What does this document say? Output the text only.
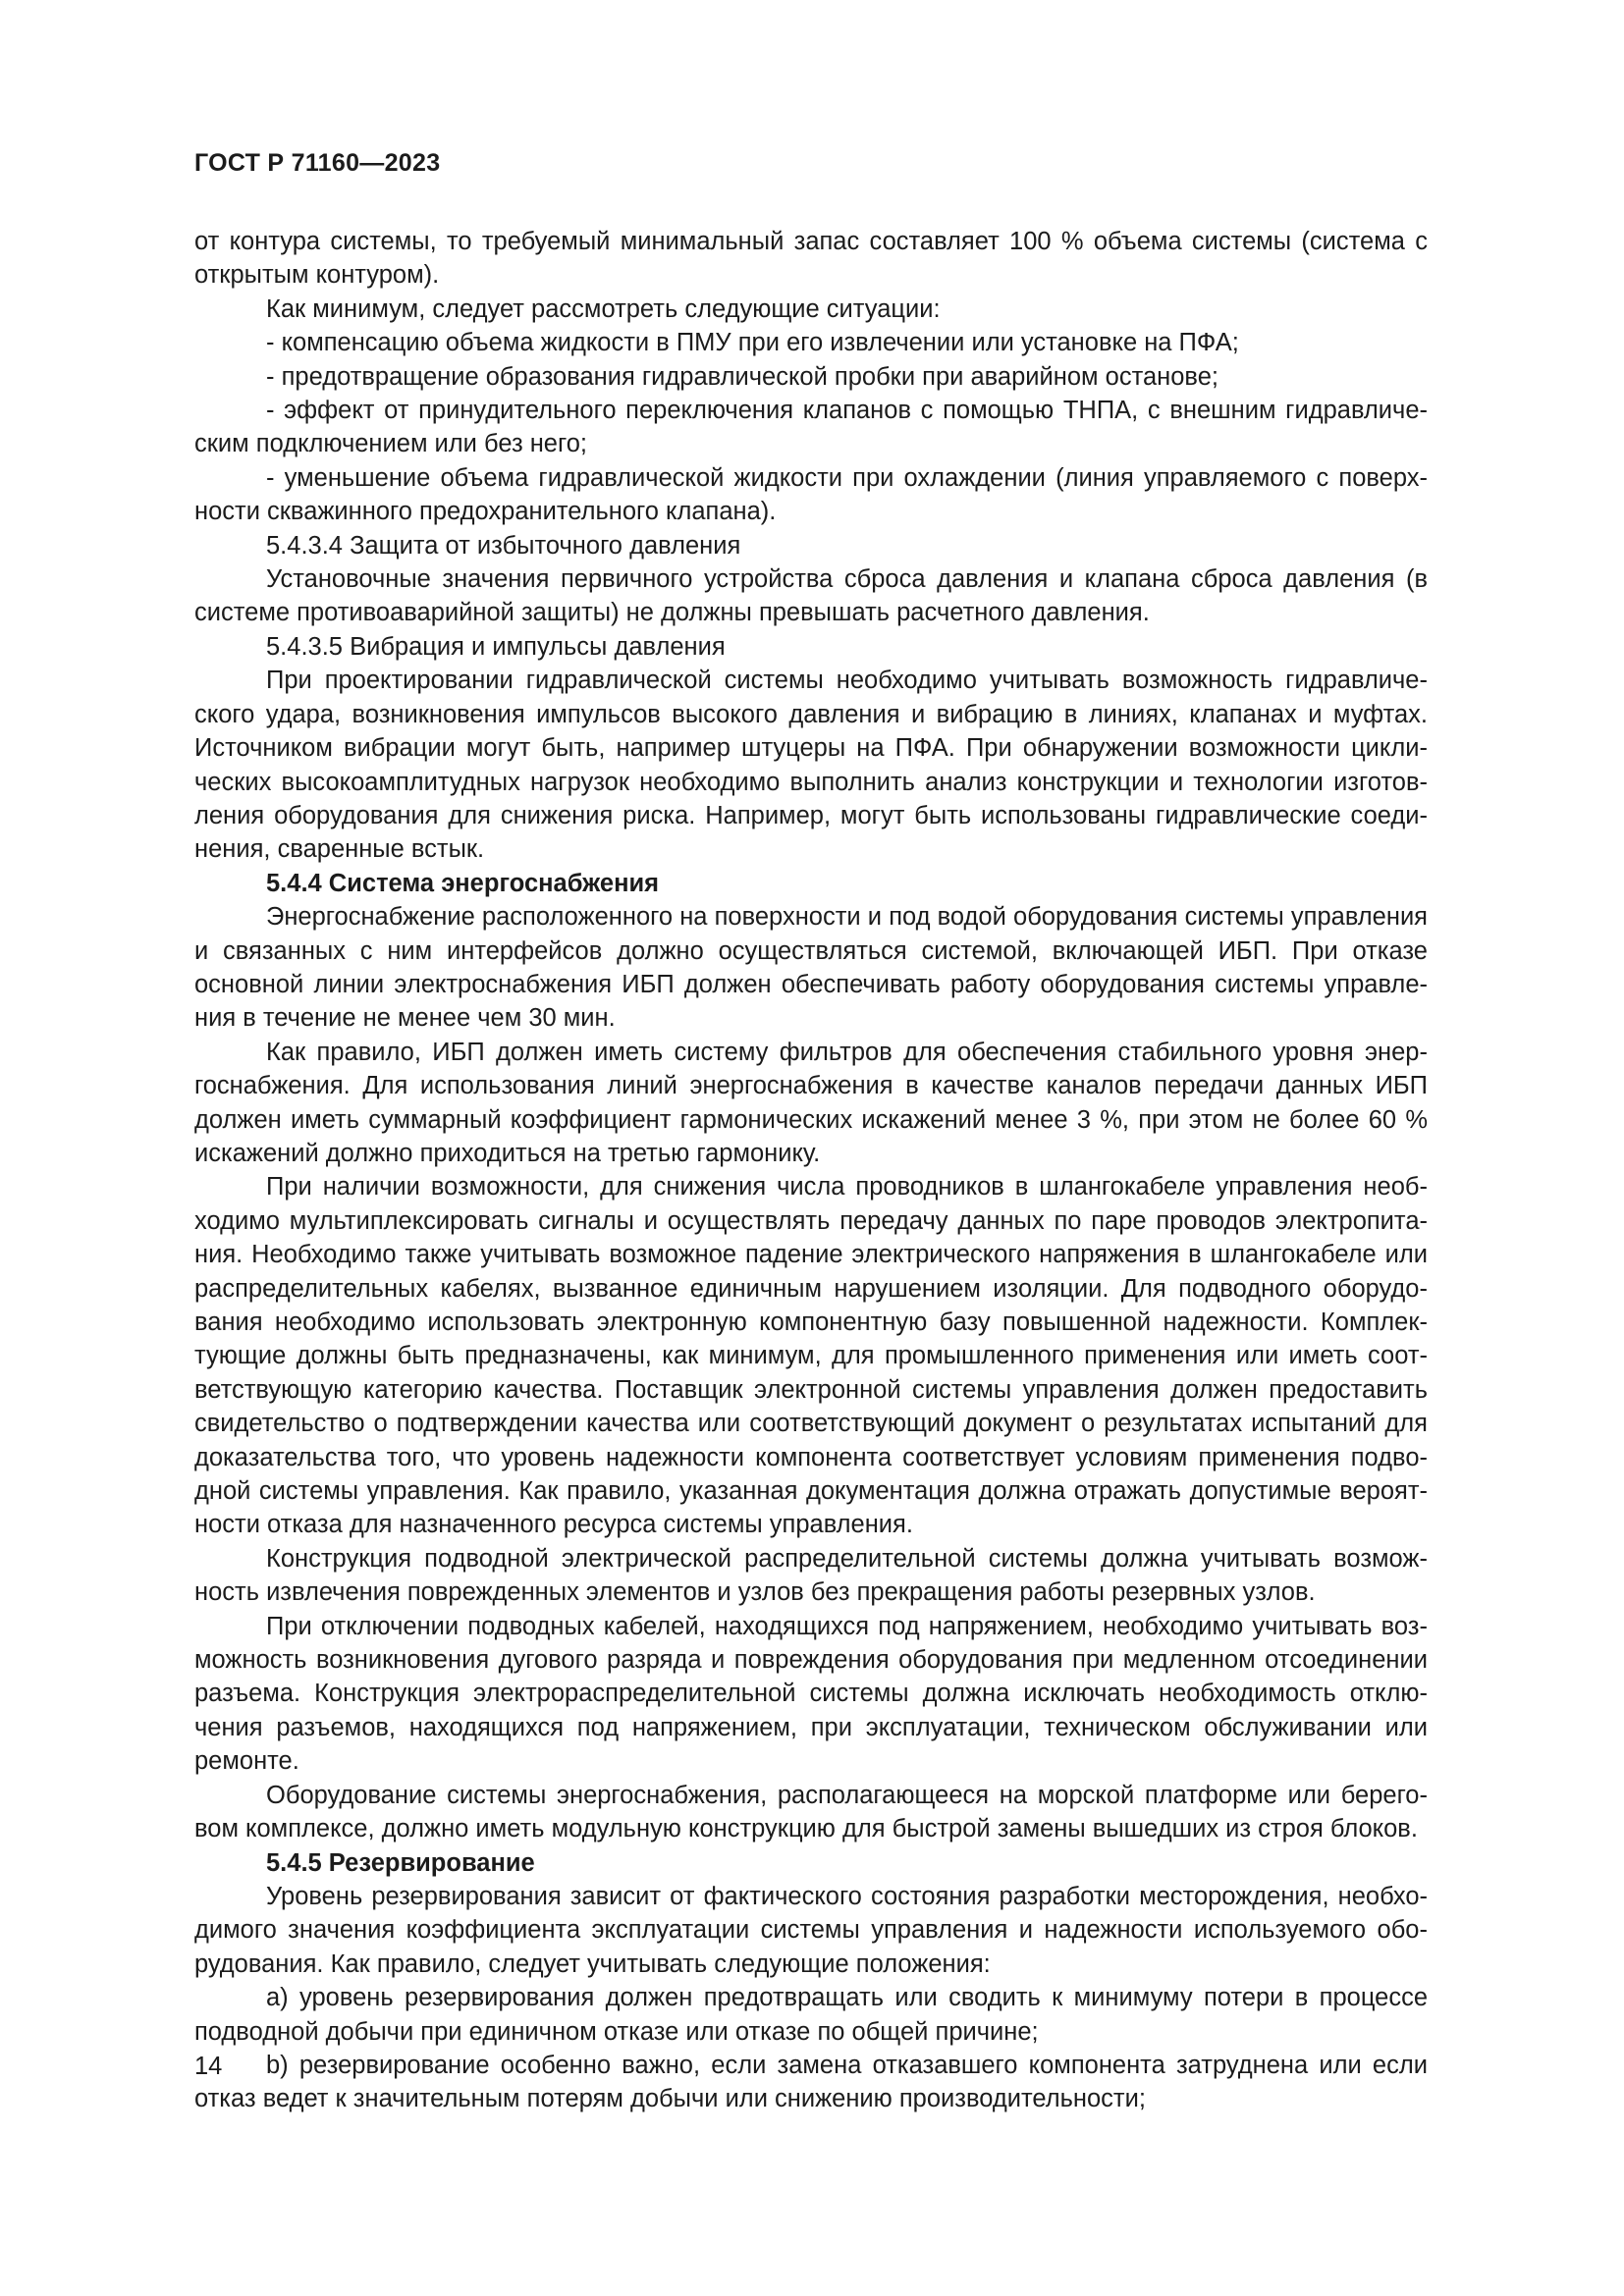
ГОСТ Р 71160—2023

от контура системы, то требуемый минимальный запас составляет 100 % объема системы (система с открытым контуром).

Как минимум, следует рассмотреть следующие ситуации:

- компенсацию объема жидкости в ПМУ при его извлечении или установке на ПФА;

- предотвращение образования гидравлической пробки при аварийном останове;

- эффект от принудительного переключения клапанов с помощью ТНПА, с внешним гидравлическим подключением или без него;

- уменьшение объема гидравлической жидкости при охлаждении (линия управляемого с поверхности скважинного предохранительного клапана).

5.4.3.4 Защита от избыточного давления

Установочные значения первичного устройства сброса давления и клапана сброса давления (в системе противоаварийной защиты) не должны превышать расчетного давления.

5.4.3.5 Вибрация и импульсы давления

При проектировании гидравлической системы необходимо учитывать возможность гидравлического удара, возникновения импульсов высокого давления и вибрацию в линиях, клапанах и муфтах. Источником вибрации могут быть, например штуцеры на ПФА. При обнаружении возможности циклических высокоамплитудных нагрузок необходимо выполнить анализ конструкции и технологии изготовления оборудования для снижения риска. Например, могут быть использованы гидравлические соединения, сваренные встык.

5.4.4 Система энергоснабжения

Энергоснабжение расположенного на поверхности и под водой оборудования системы управления и связанных с ним интерфейсов должно осуществляться системой, включающей ИБП. При отказе основной линии электроснабжения ИБП должен обеспечивать работу оборудования системы управления в течение не менее чем 30 мин.

Как правило, ИБП должен иметь систему фильтров для обеспечения стабильного уровня энергоснабжения. Для использования линий энергоснабжения в качестве каналов передачи данных ИБП должен иметь суммарный коэффициент гармонических искажений менее 3 %, при этом не более 60 % искажений должно приходиться на третью гармонику.

При наличии возможности, для снижения числа проводников в шлангокабеле управления необходимо мультиплексировать сигналы и осуществлять передачу данных по паре проводов электропитания. Необходимо также учитывать возможное падение электрического напряжения в шлангокабеле или распределительных кабелях, вызванное единичным нарушением изоляции. Для подводного оборудования необходимо использовать электронную компонентную базу повышенной надежности. Комплектующие должны быть предназначены, как минимум, для промышленного применения или иметь соответствующую категорию качества. Поставщик электронной системы управления должен предоставить свидетельство о подтверждении качества или соответствующий документ о результатах испытаний для доказательства того, что уровень надежности компонента соответствует условиям применения подводной системы управления. Как правило, указанная документация должна отражать допустимые вероятности отказа для назначенного ресурса системы управления.

Конструкция подводной электрической распределительной системы должна учитывать возможность извлечения поврежденных элементов и узлов без прекращения работы резервных узлов.

При отключении подводных кабелей, находящихся под напряжением, необходимо учитывать возможность возникновения дугового разряда и повреждения оборудования при медленном отсоединении разъема. Конструкция электрораспределительной системы должна исключать необходимость отключения разъемов, находящихся под напряжением, при эксплуатации, техническом обслуживании или ремонте.

Оборудование системы энергоснабжения, располагающееся на морской платформе или береговом комплексе, должно иметь модульную конструкцию для быстрой замены вышедших из строя блоков.

5.4.5 Резервирование

Уровень резервирования зависит от фактического состояния разработки месторождения, необходимого значения коэффициента эксплуатации системы управления и надежности используемого оборудования. Как правило, следует учитывать следующие положения:

а) уровень резервирования должен предотвращать или сводить к минимуму потери в процессе подводной добычи при единичном отказе или отказе по общей причине;

b) резервирование особенно важно, если замена отказавшего компонента затруднена или если отказ ведет к значительным потерям добычи или снижению производительности;

14
